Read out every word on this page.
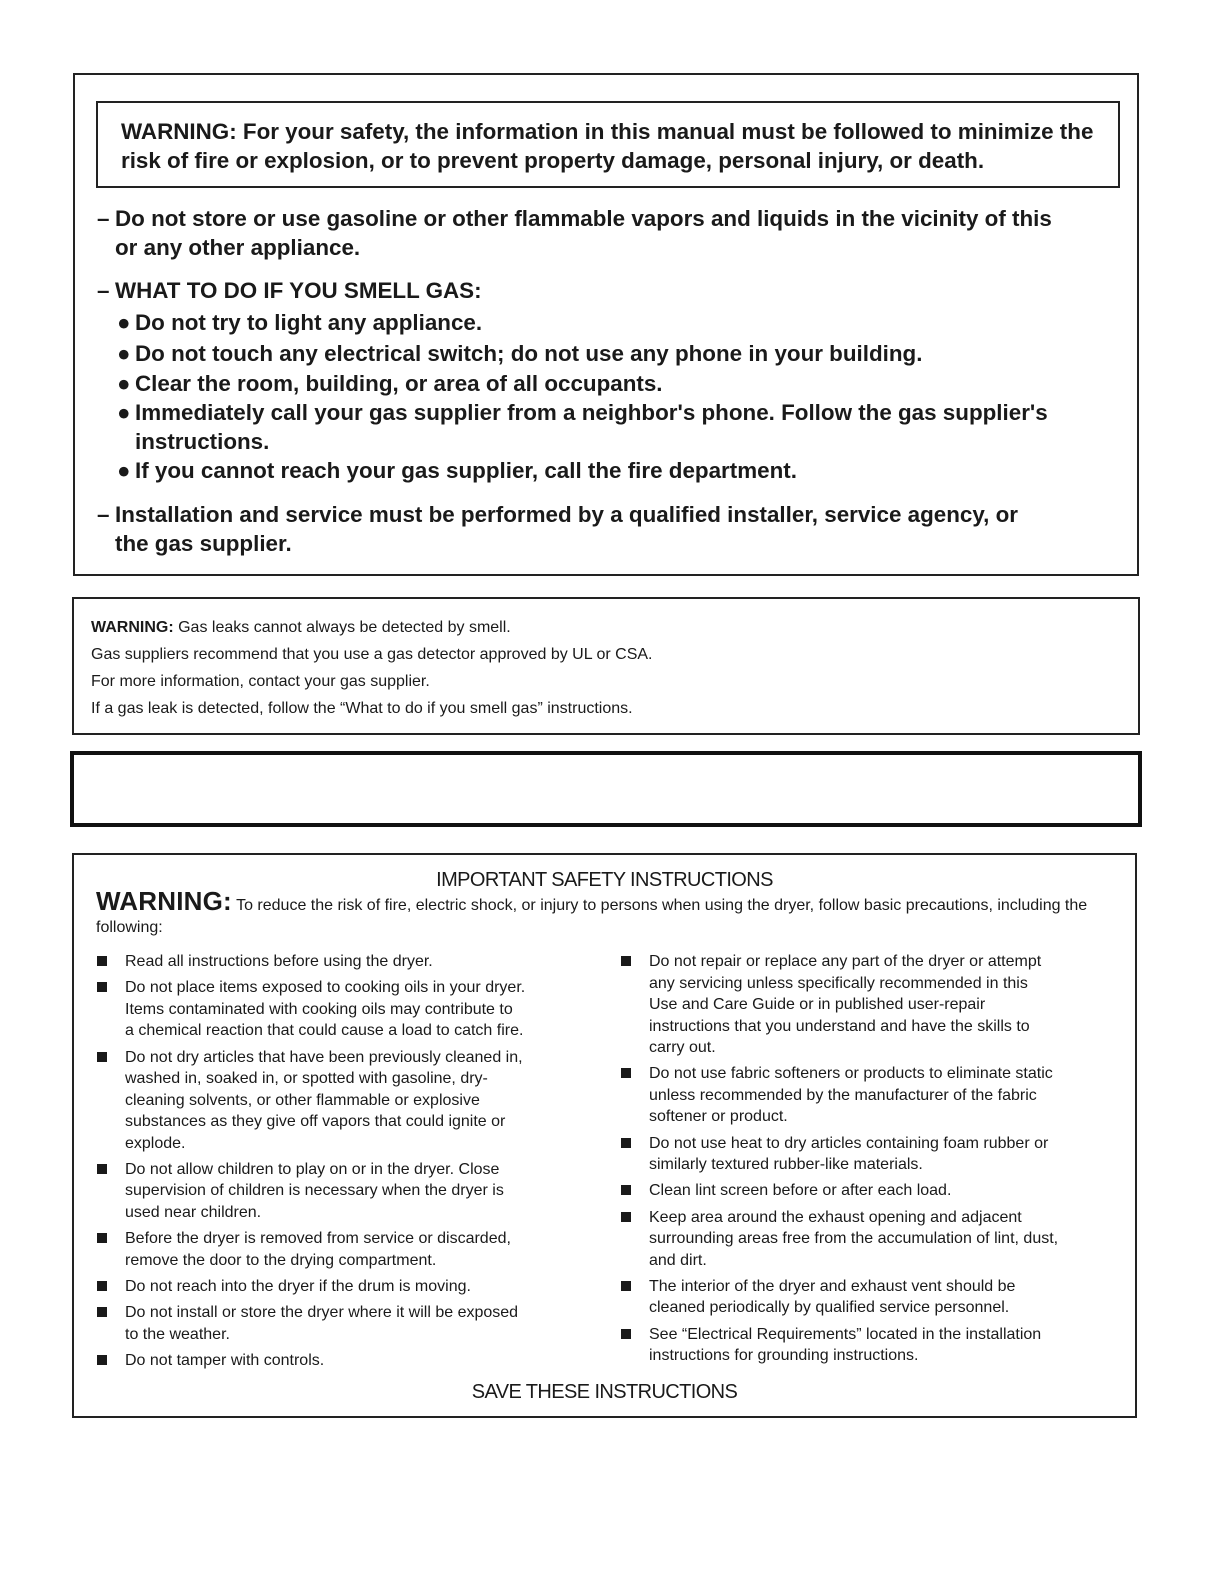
WARNING: For your safety, the information in this manual must be followed to minimize the risk of fire or explosion, or to prevent property damage, personal injury, or death.

– Do not store or use gasoline or other flammable vapors and liquids in the vicinity of this
or any other appliance.
– WHAT TO DO IF YOU SMELL GAS:
● Do not try to light any appliance.
● Do not touch any electrical switch; do not use any phone in your building.
● Clear the room, building, or area of all occupants.
● Immediately call your gas supplier from a neighbor's phone. Follow the gas supplier's
instructions.
● If you cannot reach your gas supplier, call the fire department.
– Installation and service must be performed by a qualified installer, service agency, or
the gas supplier.

WARNING: Gas leaks cannot always be detected by smell.

Gas suppliers recommend that you use a gas detector approved by UL or CSA.

For more information, contact your gas supplier.

If a gas leak is detected, follow the “What to do if you smell gas” instructions.

IMPORTANT SAFETY INSTRUCTIONS
WARNING: To reduce the risk of fire, electric shock, or injury to persons when using the dryer, follow basic precautions, including the following:
Read all instructions before using the dryer.
Do not place items exposed to cooking oils in your dryer.
Items contaminated with cooking oils may contribute to
a chemical reaction that could cause a load to catch fire.
Do not dry articles that have been previously cleaned in,
washed in, soaked in, or spotted with gasoline, dry-
cleaning solvents, or other flammable or explosive
substances as they give off vapors that could ignite or
explode.
Do not allow children to play on or in the dryer. Close
supervision of children is necessary when the dryer is
used near children.
Before the dryer is removed from service or discarded,
remove the door to the drying compartment.
Do not reach into the dryer if the drum is moving.
Do not install or store the dryer where it will be exposed
to the weather.
Do not tamper with controls.
Do not repair or replace any part of the dryer or attempt
any servicing unless specifically recommended in this
Use and Care Guide or in published user-repair
instructions that you understand and have the skills to
carry out.
Do not use fabric softeners or products to eliminate static
unless recommended by the manufacturer of the fabric
softener or product.
Do not use heat to dry articles containing foam rubber or
similarly textured rubber-like materials.
Clean lint screen before or after each load.
Keep area around the exhaust opening and adjacent
surrounding areas free from the accumulation of lint, dust,
and dirt.
The interior of the dryer and exhaust vent should be
cleaned periodically by qualified service personnel.
See “Electrical Requirements” located in the installation
instructions for grounding instructions.
SAVE THESE INSTRUCTIONS
